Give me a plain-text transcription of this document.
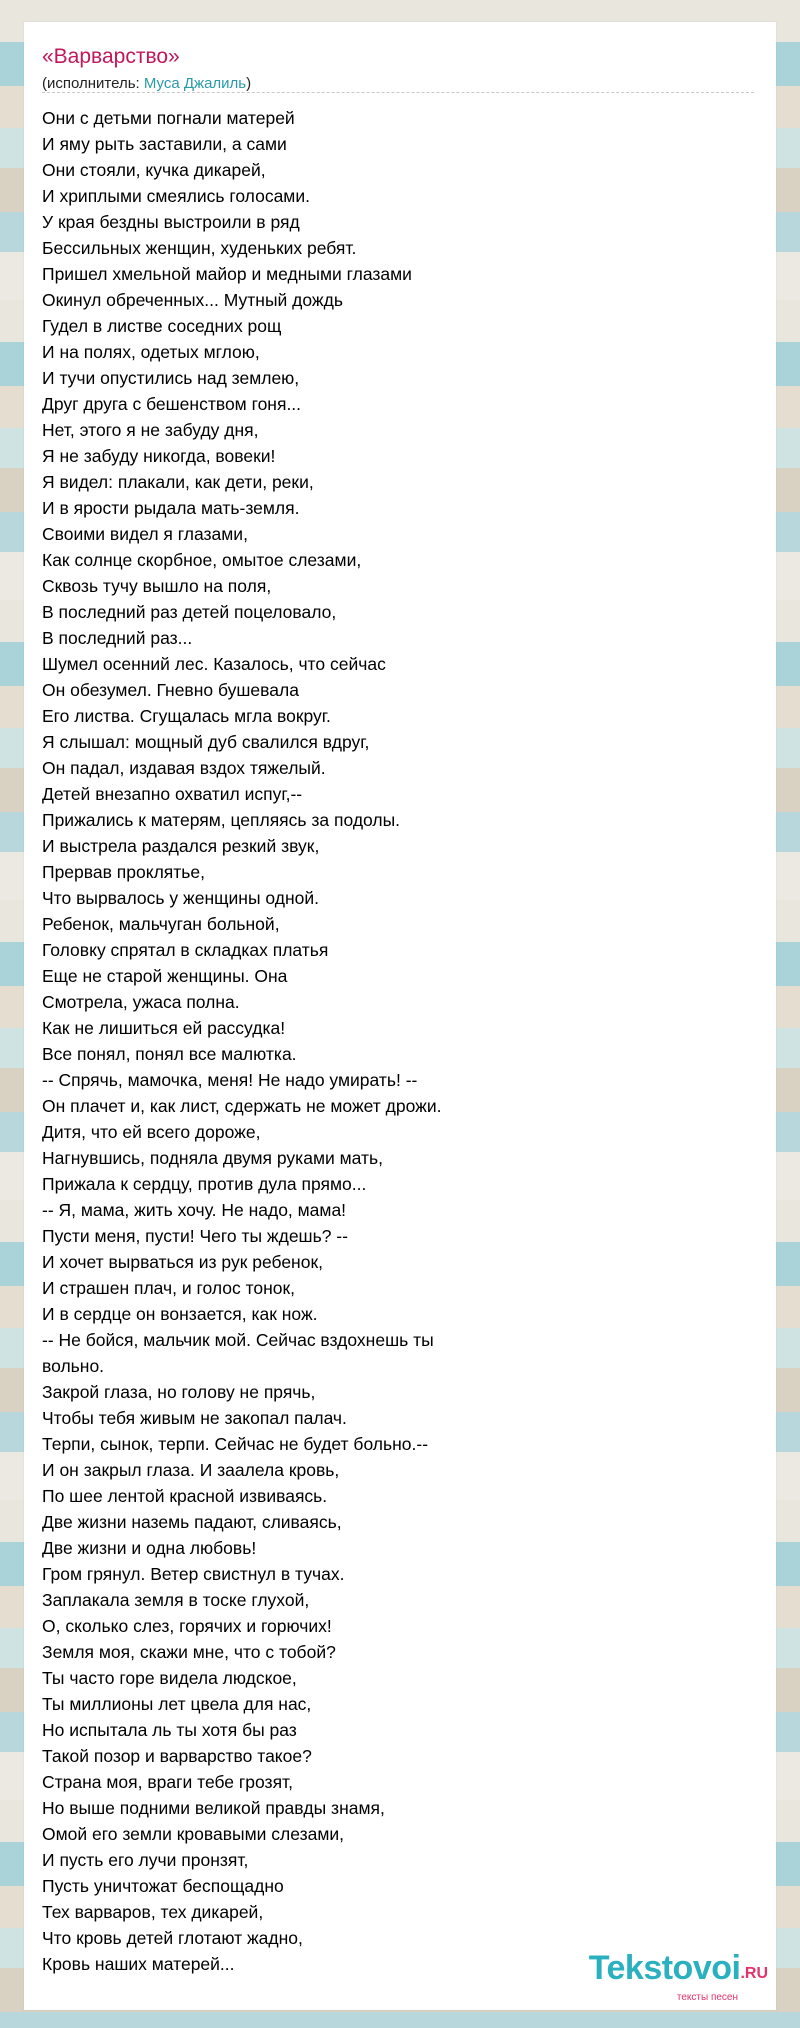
«Варварство»
(исполнитель: Муса Джалиль)
Они с детьми погнали матерей
И яму рыть заставили, а сами
Они стояли, кучка дикарей,
И хриплыми смеялись голосами.
У края бездны выстроили в ряд
Бессильных женщин, худеньких ребят.
Пришел хмельной майор и медными глазами
Окинул обреченных... Мутный дождь
Гудел в листве соседних рощ
И на полях, одетых мглою,
И тучи опустились над землею,
Друг друга с бешенством гоня...
Нет, этого я не забуду дня,
Я не забуду никогда, вовеки!
Я видел: плакали, как дети, реки,
И в ярости рыдала мать-земля.
Своими видел я глазами,
Как солнце скорбное, омытое слезами,
Сквозь тучу вышло на поля,
В последний раз детей поцеловало,
В последний раз...
Шумел осенний лес. Казалось, что сейчас
Он обезумел. Гневно бушевала
Его листва. Сгущалась мгла вокруг.
Я слышал: мощный дуб свалился вдруг,
Он падал, издавая вздох тяжелый.
Детей внезапно охватил испуг,--
Прижались к матерям, цепляясь за подолы.
И выстрела раздался резкий звук,
Прервав проклятье,
Что вырвалось у женщины одной.
Ребенок, мальчуган больной,
Головку спрятал в складках платья
Еще не старой женщины. Она
Смотрела, ужаса полна.
Как не лишиться ей рассудка!
Все понял, понял все малютка.
-- Спрячь, мамочка, меня! Не надо умирать! --
Он плачет и, как лист, сдержать не может дрожи.
Дитя, что ей всего дороже,
Нагнувшись, подняла двумя руками мать,
Прижала к сердцу, против дула прямо...
-- Я, мама, жить хочу. Не надо, мама!
Пусти меня, пусти! Чего ты ждешь? --
И хочет вырваться из рук ребенок,
И страшен плач, и голос тонок,
И в сердце он вонзается, как нож.
-- Не бойся, мальчик мой. Сейчас вздохнешь ты
вольно.
Закрой глаза, но голову не прячь,
Чтобы тебя живым не закопал палач.
Терпи, сынок, терпи. Сейчас не будет больно.--
И он закрыл глаза. И заалела кровь,
По шее лентой красной извиваясь.
Две жизни наземь падают, сливаясь,
Две жизни и одна любовь!
Гром грянул. Ветер свистнул в тучах.
Заплакала земля в тоске глухой,
О, сколько слез, горячих и горючих!
Земля моя, скажи мне, что с тобой?
Ты часто горе видела людское,
Ты миллионы лет цвела для нас,
Но испытала ль ты хотя бы раз
Такой позор и варварство такое?
Страна моя, враги тебе грозят,
Но выше подними великой правды знамя,
Омой его земли кровавыми слезами,
И пусть его лучи пронзят,
Пусть уничтожат беспощадно
Тех варваров, тех дикарей,
Что кровь детей глотают жадно,
Кровь наших матерей...	Tekstovoi.RU
тексты песен
